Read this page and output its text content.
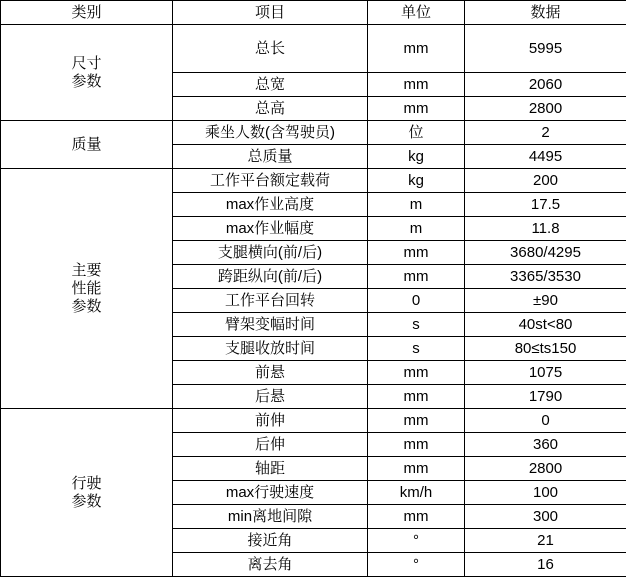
类别	项目	单位	数据

尺寸
参数	总长	mm	5995
	总宽	mm	2060
	总高	mm	2800

质量	乘坐人数(含驾驶员)	位	2
	总质量	kg	4495

主要
性能
参数	工作平台额定载荷	kg	200
	max作业高度	m	17.5
	max作业幅度	m	11.8
	支腿横向(前/后)	mm	3680/4295
	跨距纵向(前/后)	mm	3365/3530
	工作平台回转	0	±90
	臂架变幅时间	s	40st<80
	支腿收放时间	s	80≤ts150
	前悬	mm	1075
	后悬	mm	1790

行驶
参数	前伸	mm	0
	后伸	mm	360
	轴距	mm	2800
	max行驶速度	km/h	100
	min离地间隙	mm	300
	接近角	°	21
	离去角	°	16
